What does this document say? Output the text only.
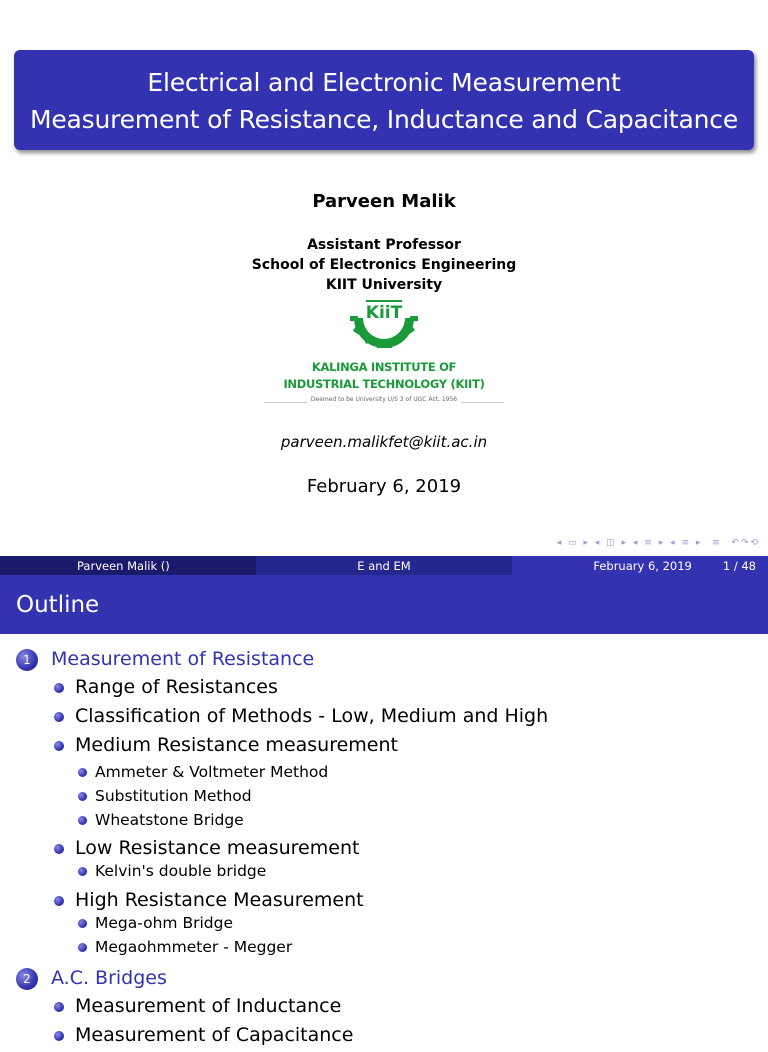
Electrical and Electronic Measurement
Measurement of Resistance, Inductance and Capacitance
Parveen Malik
Assistant Professor
School of Electronics Engineering
KIIT University
KiiT
KALINGA INSTITUTE OF
INDUSTRIAL TECHNOLOGY (KIIT)
Deemed to be University U/S 3 of UGC Act, 1956
parveen.malikfet@kiit.ac.in
February 6, 2019
◂ ▭ ▸ ◂ ◫ ▸ ◂ ≡ ▸ ◂ ≡ ▸  ≡  ↶↷⟲
Parveen Malik ()	E and EM	February 6, 2019	1 / 48
Outline
1	Measurement of Resistance
Range of Resistances
Classification of Methods - Low, Medium and High
Medium Resistance measurement
Ammeter & Voltmeter Method
Substitution Method
Wheatstone Bridge
Low Resistance measurement
Kelvin's double bridge
High Resistance Measurement
Mega-ohm Bridge
Megaohmmeter - Megger
2	A.C. Bridges
Measurement of Inductance
Measurement of Capacitance
